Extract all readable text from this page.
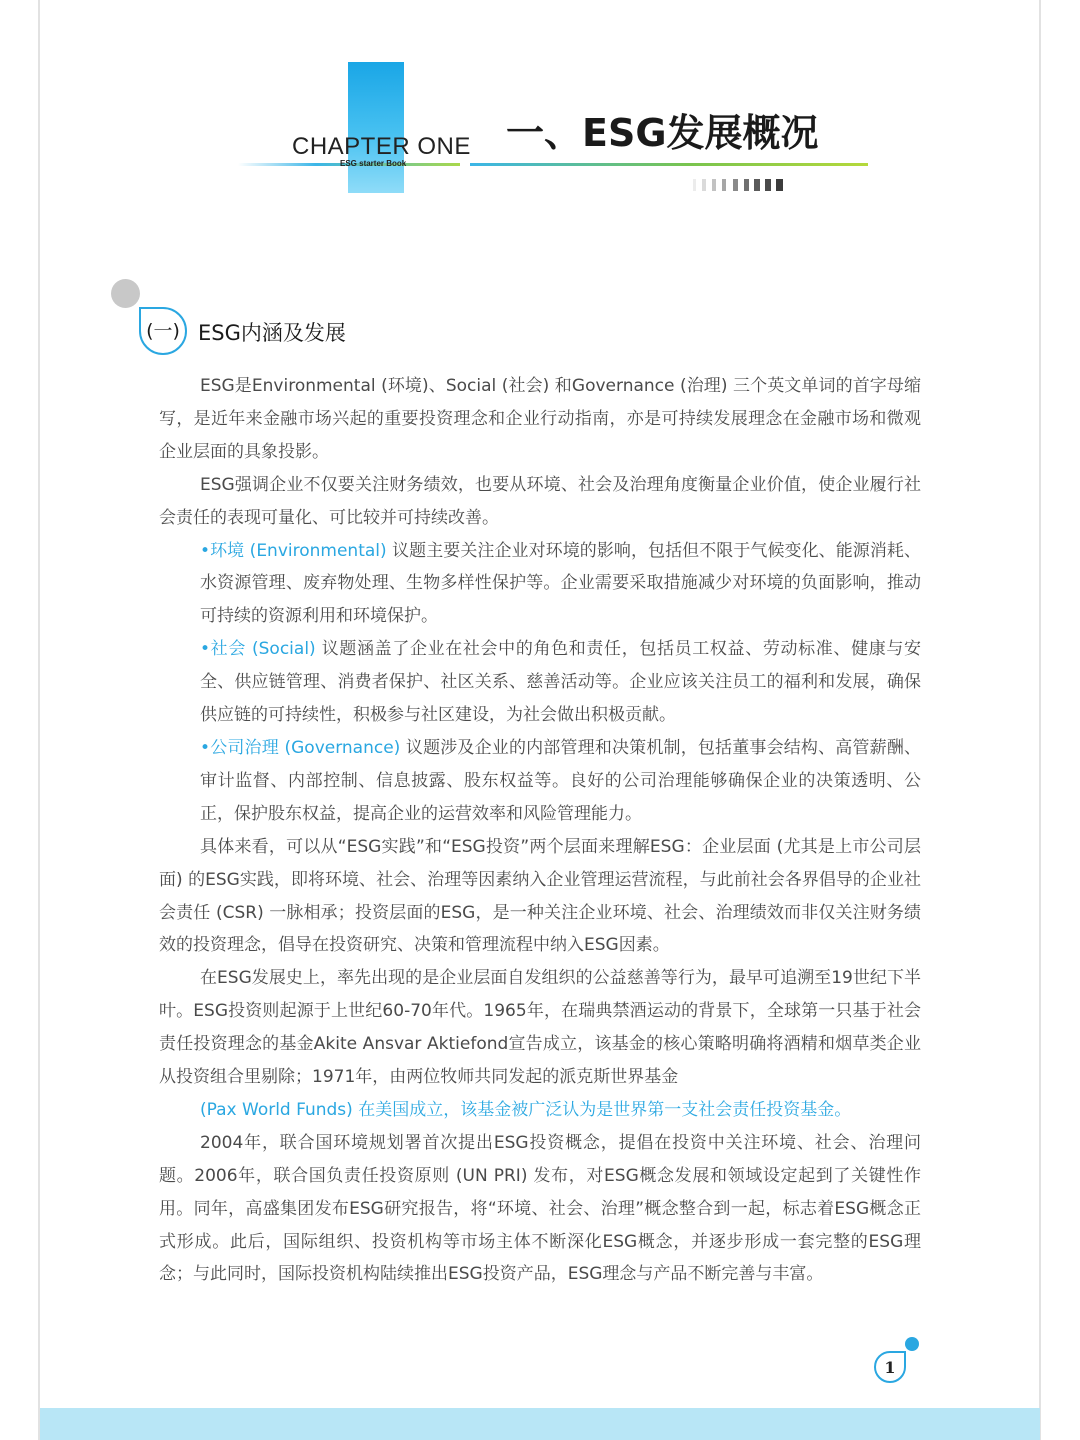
CHAPTER ONE
ESG starter Book
一、ESG发展概况
(一) ESG内涵及发展

ESG是Environmental (环境)、Social (社会) 和Governance (治理) 三个英文单词的首字母缩写，是近年来金融市场兴起的重要投资理念和企业行动指南，亦是可持续发展理念在金融市场和微观企业层面的具象投影。

ESG强调企业不仅要关注财务绩效，也要从环境、社会及治理角度衡量企业价值，使企业履行社会责任的表现可量化、可比较并可持续改善。

•环境 (Environmental) 议题主要关注企业对环境的影响，包括但不限于气候变化、能源消耗、水资源管理、废弃物处理、生物多样性保护等。企业需要采取措施减少对环境的负面影响，推动可持续的资源利用和环境保护。

•社会 (Social) 议题涵盖了企业在社会中的角色和责任，包括员工权益、劳动标准、健康与安全、供应链管理、消费者保护、社区关系、慈善活动等。企业应该关注员工的福利和发展，确保供应链的可持续性，积极参与社区建设，为社会做出积极贡献。

•公司治理 (Governance) 议题涉及企业的内部管理和决策机制，包括董事会结构、高管薪酬、审计监督、内部控制、信息披露、股东权益等。良好的公司治理能够确保企业的决策透明、公正，保护股东权益，提高企业的运营效率和风险管理能力。

具体来看，可以从“ESG实践”和“ESG投资”两个层面来理解ESG：企业层面 (尤其是上市公司层面) 的ESG实践，即将环境、社会、治理等因素纳入企业管理运营流程，与此前社会各界倡导的企业社会责任 (CSR) 一脉相承；投资层面的ESG，是一种关注企业环境、社会、治理绩效而非仅关注财务绩效的投资理念，倡导在投资研究、决策和管理流程中纳入ESG因素。

在ESG发展史上，率先出现的是企业层面自发组织的公益慈善等行为，最早可追溯至19世纪下半叶。ESG投资则起源于上世纪60-70年代。1965年，在瑞典禁酒运动的背景下，全球第一只基于社会责任投资理念的基金Akite Ansvar Aktiefond宣告成立，该基金的核心策略明确将酒精和烟草类企业从投资组合里剔除；1971年，由两位牧师共同发起的派克斯世界基金

(Pax World Funds) 在美国成立，该基金被广泛认为是世界第一支社会责任投资基金。

2004年，联合国环境规划署首次提出ESG投资概念，提倡在投资中关注环境、社会、治理问题。2006年，联合国负责任投资原则 (UN PRI) 发布，对ESG概念发展和领域设定起到了关键性作用。同年，高盛集团发布ESG研究报告，将“环境、社会、治理”概念整合到一起，标志着ESG概念正式形成。此后，国际组织、投资机构等市场主体不断深化ESG概念，并逐步形成一套完整的ESG理念；与此同时，国际投资机构陆续推出ESG投资产品，ESG理念与产品不断完善与丰富。

1
